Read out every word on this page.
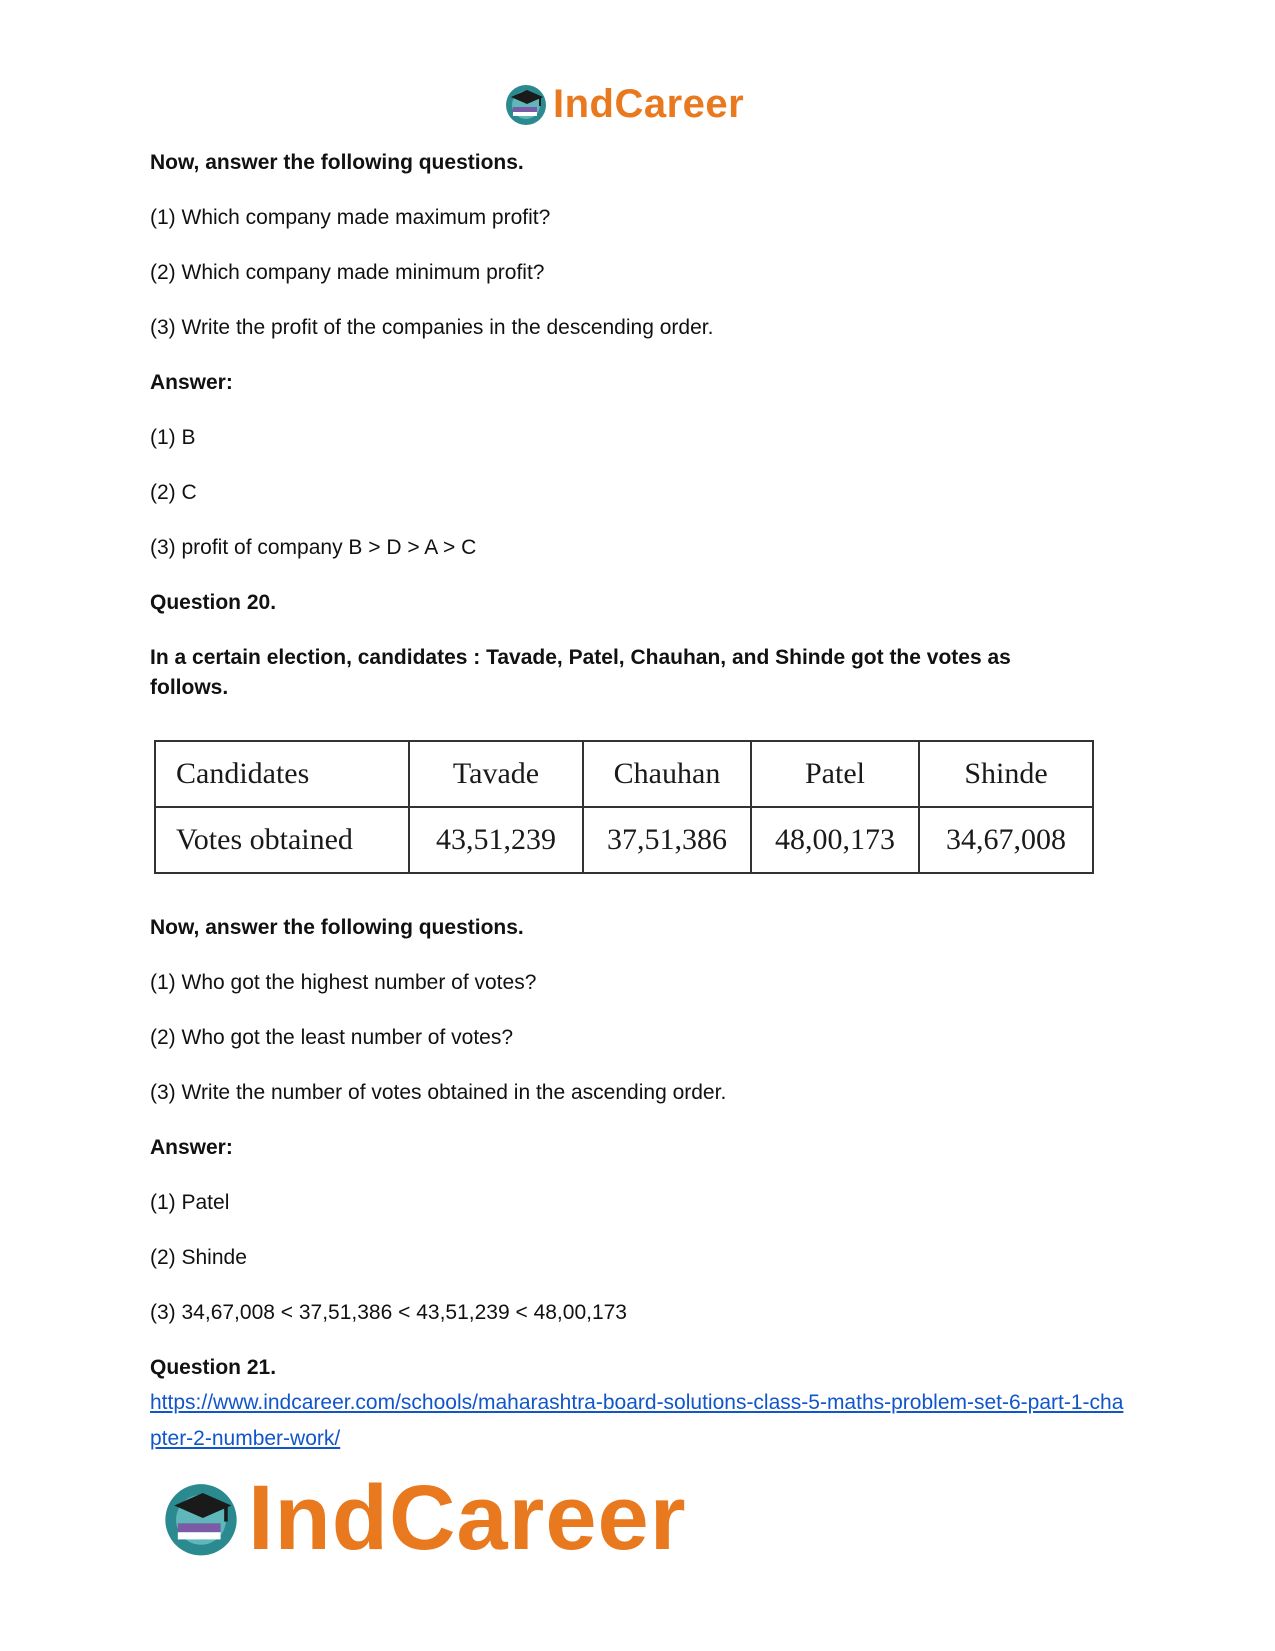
IndCareer
Now, answer the following questions.
(1) Which company made maximum profit?
(2) Which company made minimum profit?
(3) Write the profit of the companies in the descending order.
Answer:
(1) B
(2) C
(3) profit of company B > D > A > C
Question 20.
In a certain election, candidates : Tavade, Patel, Chauhan, and Shinde got the votes as
follows.
Candidates	Tavade	Chauhan	Patel	Shinde
Votes obtained	43,51,239	37,51,386	48,00,173	34,67,008
Now, answer the following questions.
(1) Who got the highest number of votes?
(2) Who got the least number of votes?
(3) Write the number of votes obtained in the ascending order.
Answer:
(1) Patel
(2) Shinde
(3) 34,67,008 < 37,51,386 < 43,51,239 < 48,00,173
Question 21.
https://www.indcareer.com/schools/maharashtra-board-solutions-class-5-maths-problem-set-6-part-1-chapter-2-number-work/
IndCareer
